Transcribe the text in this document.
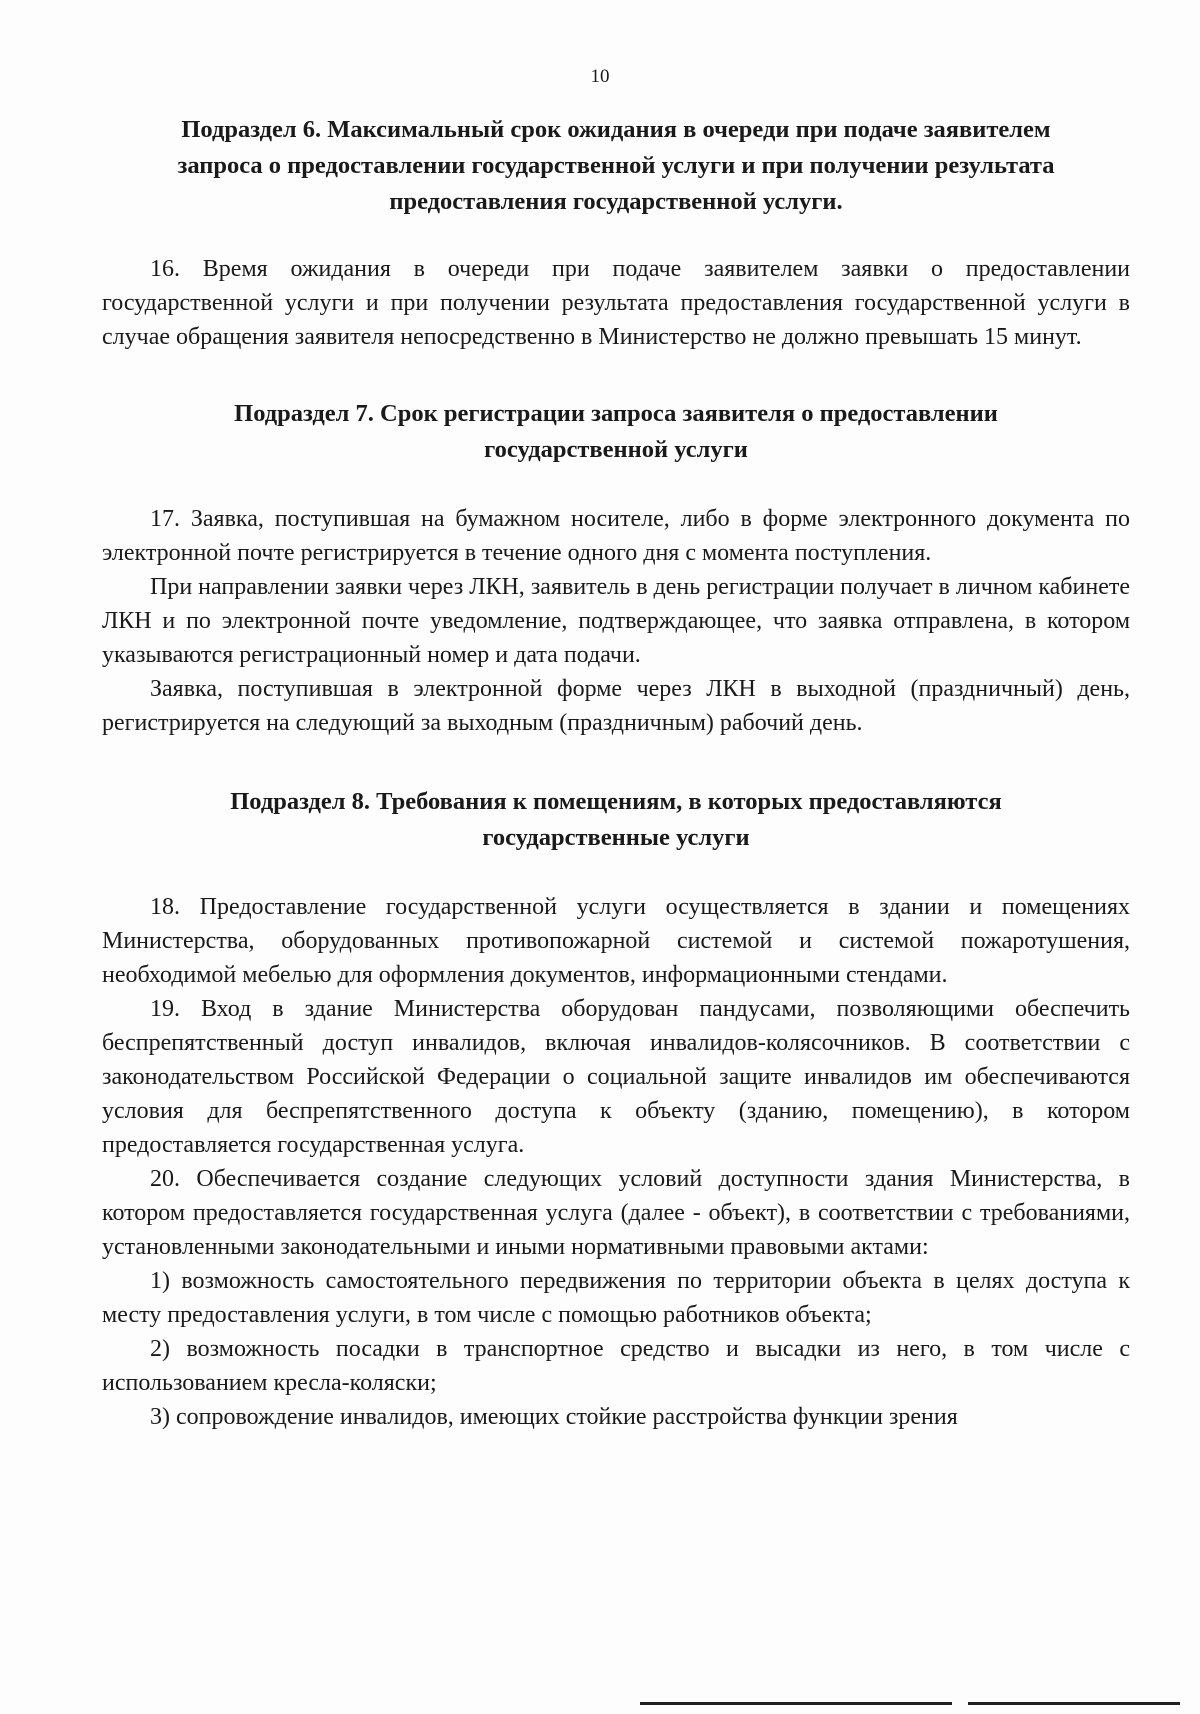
10
Подраздел 6. Максимальный срок ожидания в очереди при подаче заявителем запроса о предоставлении государственной услуги и при получении результата предоставления государственной услуги.

16. Время ожидания в очереди при подаче заявителем заявки о предоставлении государственной услуги и при получении результата предоставления государственной услуги в случае обращения заявителя непосредственно в Министерство не должно превышать 15 минут.

Подраздел 7. Срок регистрации запроса заявителя о предоставлении государственной услуги

17. Заявка, поступившая на бумажном носителе, либо в форме электронного документа по электронной почте регистрируется в течение одного дня с момента поступления.

При направлении заявки через ЛКН, заявитель в день регистрации получает в личном кабинете ЛКН и по электронной почте уведомление, подтверждающее, что заявка отправлена, в котором указываются регистрационный номер и дата подачи.

Заявка, поступившая в электронной форме через ЛКН в выходной (праздничный) день, регистрируется на следующий за выходным (праздничным) рабочий день.

Подраздел 8. Требования к помещениям, в которых предоставляются государственные услуги

18. Предоставление государственной услуги осуществляется в здании и помещениях Министерства, оборудованных противопожарной системой и системой пожаротушения, необходимой мебелью для оформления документов, информационными стендами.

19. Вход в здание Министерства оборудован пандусами, позволяющими обеспечить беспрепятственный доступ инвалидов, включая инвалидов-колясочников. В соответствии с законодательством Российской Федерации о социальной защите инвалидов им обеспечиваются условия для беспрепятственного доступа к объекту (зданию, помещению), в котором предоставляется государственная услуга.

20. Обеспечивается создание следующих условий доступности здания Министерства, в котором предоставляется государственная услуга (далее - объект), в соответствии с требованиями, установленными законодательными и иными нормативными правовыми актами:

1) возможность самостоятельного передвижения по территории объекта в целях доступа к месту предоставления услуги, в том числе с помощью работников объекта;

2) возможность посадки в транспортное средство и высадки из него, в том числе с использованием кресла-коляски;

3) сопровождение инвалидов, имеющих стойкие расстройства функции зрения
